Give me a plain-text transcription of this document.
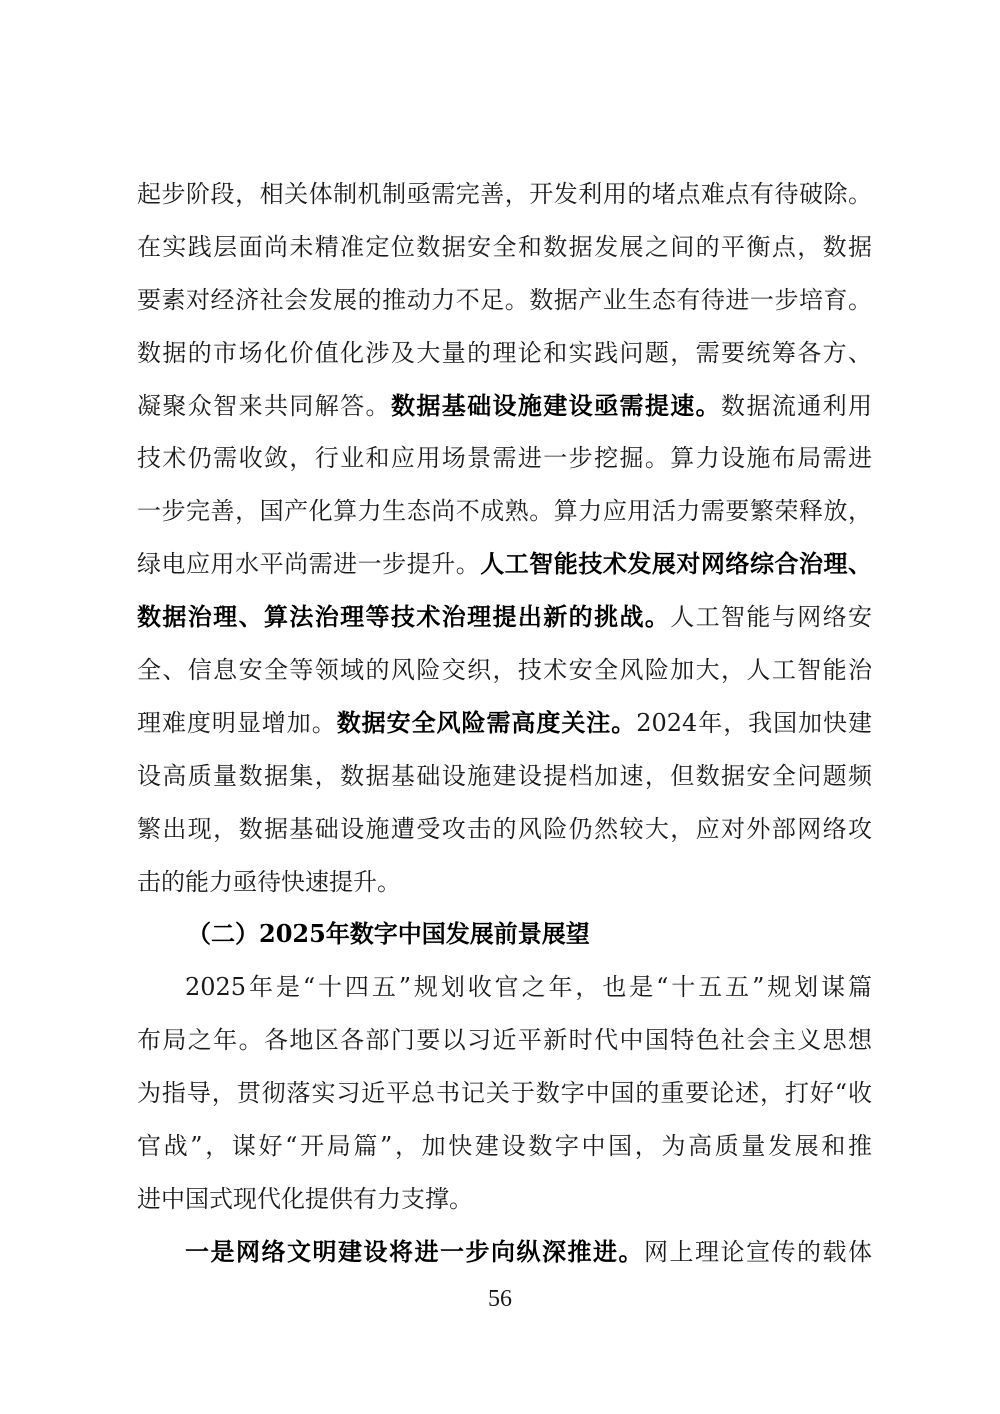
起步阶段，相关体制机制亟需完善，开发利用的堵点难点有待破除。
在实践层面尚未精准定位数据安全和数据发展之间的平衡点，数据
要素对经济社会发展的推动力不足。数据产业生态有待进一步培育。
数据的市场化价值化涉及大量的理论和实践问题，需要统筹各方、
凝聚众智来共同解答。数据基础设施建设亟需提速。数据流通利用
技术仍需收敛，行业和应用场景需进一步挖掘。算力设施布局需进
一步完善，国产化算力生态尚不成熟。算力应用活力需要繁荣释放，
绿电应用水平尚需进一步提升。人工智能技术发展对网络综合治理、
数据治理、算法治理等技术治理提出新的挑战。人工智能与网络安
全、信息安全等领域的风险交织，技术安全风险加大，人工智能治
理难度明显增加。数据安全风险需高度关注。2024年，我国加快建
设高质量数据集，数据基础设施建设提档加速，但数据安全问题频
繁出现，数据基础设施遭受攻击的风险仍然较大，应对外部网络攻
击的能力亟待快速提升。
（二）2025年数字中国发展前景展望
2025年是“十四五”规划收官之年，也是“十五五”规划谋篇
布局之年。各地区各部门要以习近平新时代中国特色社会主义思想
为指导，贯彻落实习近平总书记关于数字中国的重要论述，打好“收
官战”，谋好“开局篇”，加快建设数字中国，为高质量发展和推
进中国式现代化提供有力支撑。
一是网络文明建设将进一步向纵深推进。网上理论宣传的载体
56
